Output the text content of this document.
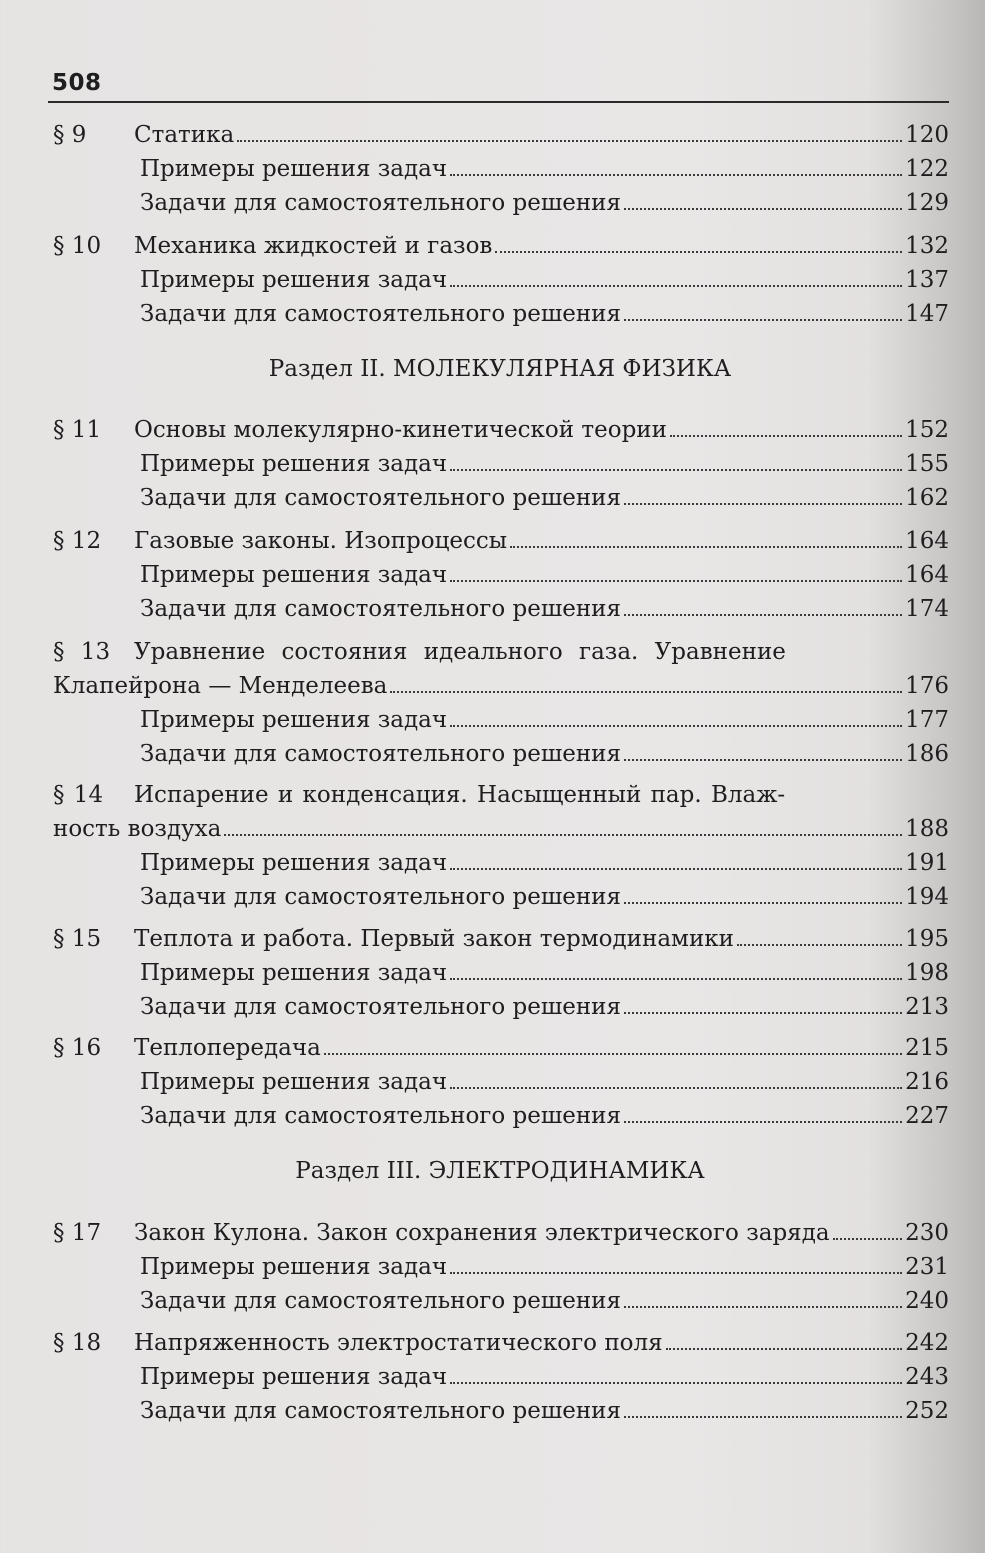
508
§ 9	Статика	120
Примеры решения задач	122
Задачи для самостоятельного решения	129
§ 10	Механика жидкостей и газов	132
Примеры решения задач	137
Задачи для самостоятельного решения	147
Раздел II. МОЛЕКУЛЯРНАЯ ФИЗИКА
§ 11	Основы молекулярно-кинетической теории	152
Примеры решения задач	155
Задачи для самостоятельного решения	162
§ 12	Газовые законы. Изопроцессы	164
Примеры решения задач	164
Задачи для самостоятельного решения	174
§ 13	Уравнение состояния идеального газа. Уравнение
Клапейрона — Менделеева	176
Примеры решения задач	177
Задачи для самостоятельного решения	186
§ 14	Испарение и конденсация. Насыщенный пар. Влаж-
ность воздуха	188
Примеры решения задач	191
Задачи для самостоятельного решения	194
§ 15	Теплота и работа. Первый закон термодинамики	195
Примеры решения задач	198
Задачи для самостоятельного решения	213
§ 16	Теплопередача	215
Примеры решения задач	216
Задачи для самостоятельного решения	227
Раздел III. ЭЛЕКТРОДИНАМИКА
§ 17	Закон Кулона. Закон сохранения электрического заряда	230
Примеры решения задач	231
Задачи для самостоятельного решения	240
§ 18	Напряженность электростатического поля	242
Примеры решения задач	243
Задачи для самостоятельного решения	252
